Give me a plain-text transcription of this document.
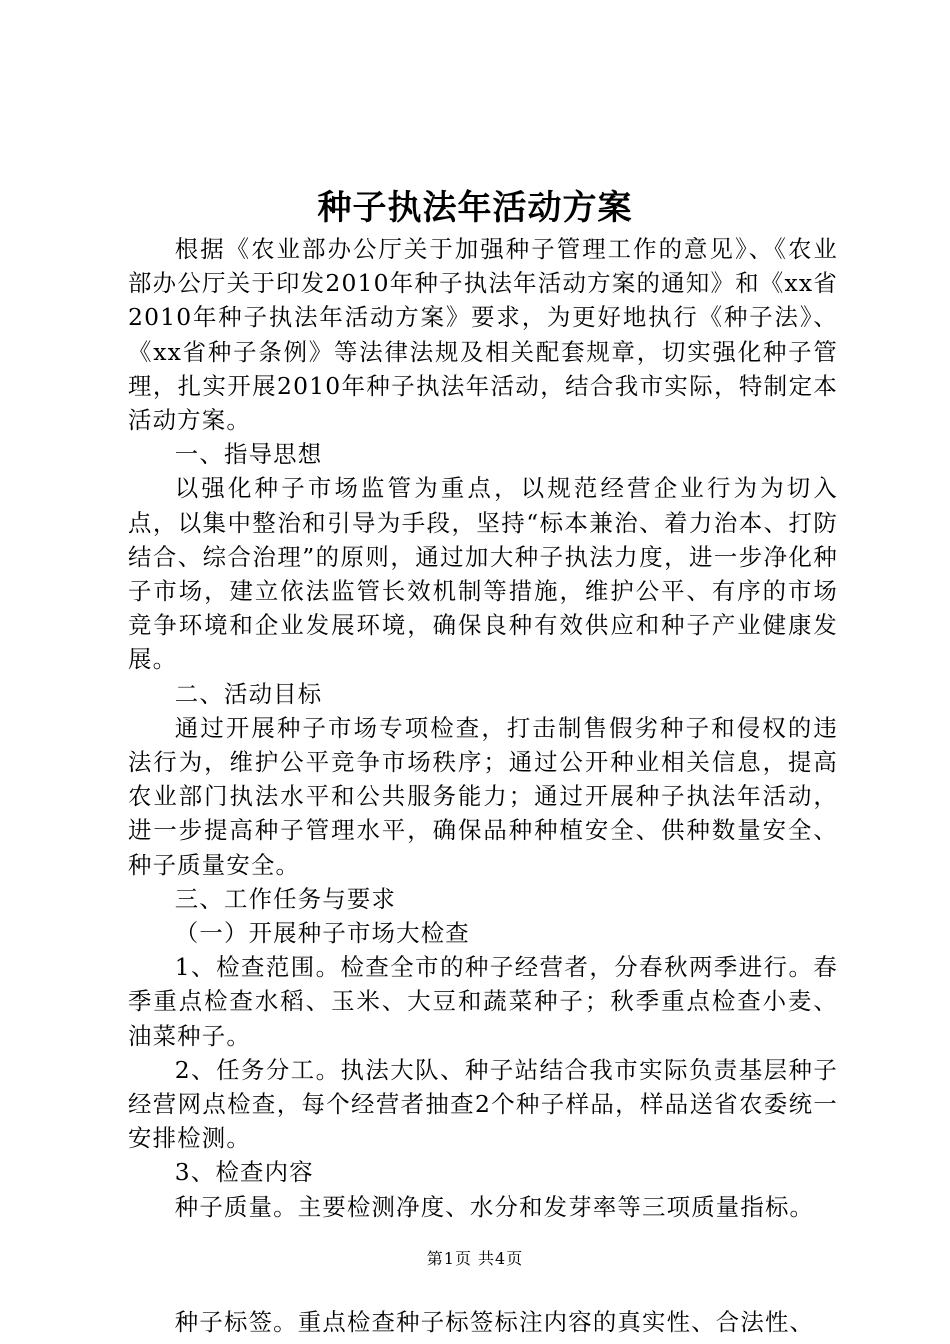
种子执法年活动方案

根据《农业部办公厅关于加强种子管理工作的意见》、《农业部办公厅关于印发2010年种子执法年活动方案的通知》和《xx省2010年种子执法年活动方案》要求，为更好地执行《种子法》、《xx省种子条例》等法律法规及相关配套规章，切实强化种子管理，扎实开展2010年种子执法年活动，结合我市实际，特制定本活动方案。

一、指导思想

以强化种子市场监管为重点，以规范经营企业行为为切入点，以集中整治和引导为手段，坚持“标本兼治、着力治本、打防结合、综合治理”的原则，通过加大种子执法力度，进一步净化种子市场，建立依法监管长效机制等措施，维护公平、有序的市场竞争环境和企业发展环境，确保良种有效供应和种子产业健康发展。

二、活动目标

通过开展种子市场专项检查，打击制售假劣种子和侵权的违法行为，维护公平竞争市场秩序；通过公开种业相关信息，提高农业部门执法水平和公共服务能力；通过开展种子执法年活动，进一步提高种子管理水平，确保品种种植安全、供种数量安全、种子质量安全。

三、工作任务与要求

（一）开展种子市场大检查

1、检查范围。检查全市的种子经营者，分春秋两季进行。春季重点检查水稻、玉米、大豆和蔬菜种子；秋季重点检查小麦、油菜种子。

2、任务分工。执法大队、种子站结合我市实际负责基层种子经营网点检查，每个经营者抽查2个种子样品，样品送省农委统一安排检测。

3、检查内容

种子质量。主要检测净度、水分和发芽率等三项质量指标。

种子标签。重点检查种子标签标注内容的真实性、合法性、

第1页 共4页
